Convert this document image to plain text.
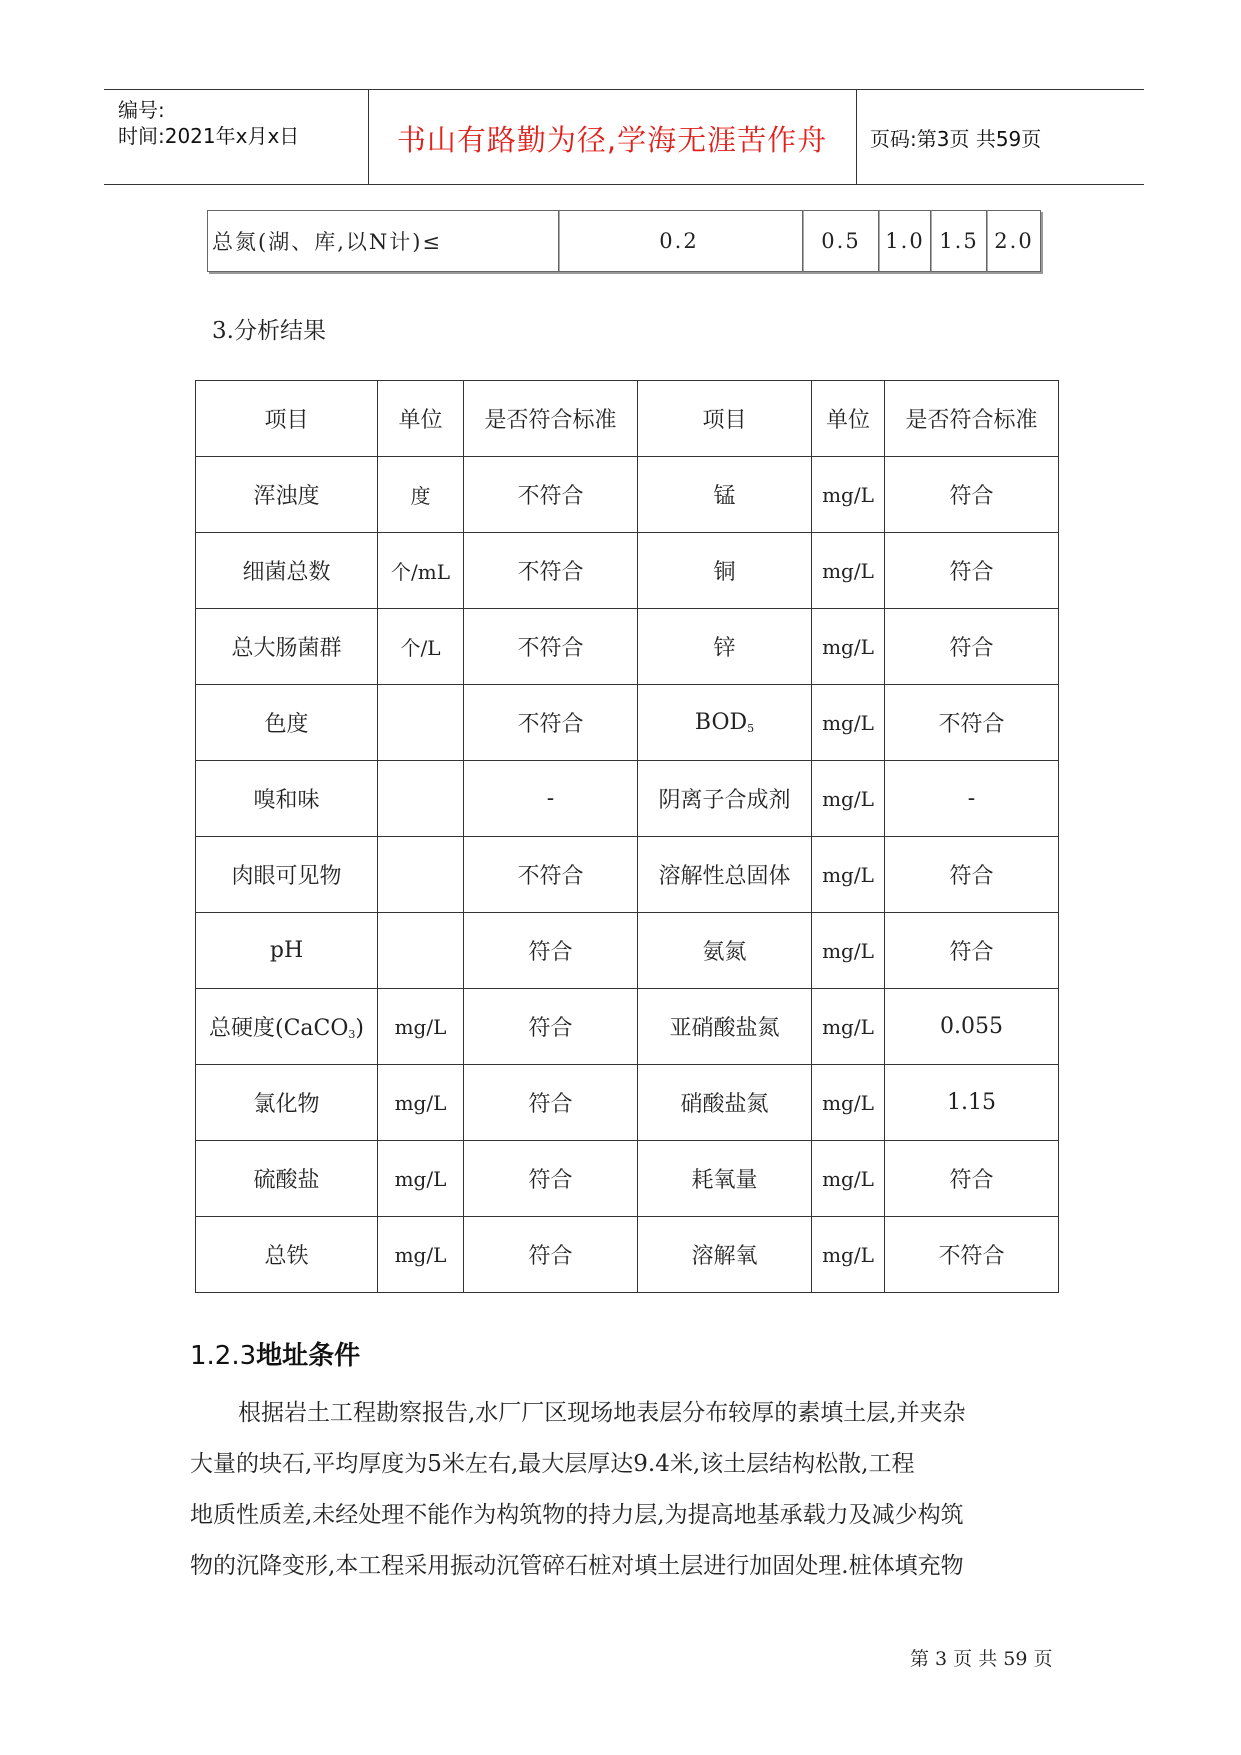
编号:
时间:2021年x月x日	书山有路勤为径,学海无涯苦作舟	页码:第3页 共59页
总氮(湖、库,以N计)≤	0.2	0.5	1.0 1.5 2.0
3.分析结果
项目	单位	是否符合标准	项目	单位	是否符合标准
浑浊度	度	不符合	锰	mg/L	符合
细菌总数	个/mL	不符合	铜	mg/L	符合
总大肠菌群	个/L	不符合	锌	mg/L	符合
色度		不符合	$BOD_5$	mg/L	不符合
嗅和味		-	阴离子合成剂	mg/L	-
肉眼可见物		不符合	溶解性总固体	mg/L	符合
pH		符合	氨氮	mg/L	符合
总硬度(CaCO$_3$)	mg/L	符合	亚硝酸盐氮	mg/L	0.055
氯化物	mg/L	符合	硝酸盐氮	mg/L	1.15
硫酸盐	mg/L	符合	耗氧量	mg/L	符合
总铁	mg/L	符合	溶解氧	mg/L	不符合
1.2.3地址条件
根据岩土工程勘察报告,水厂厂区现场地表层分布较厚的素填土层,并夹杂
大量的块石,平均厚度为5米左右,最大层厚达9.4米,该土层结构松散,工程
地质性质差,未经处理不能作为构筑物的持力层,为提高地基承载力及减少构筑
物的沉降变形,本工程采用振动沉管碎石桩对填土层进行加固处理.桩体填充物
第 3 页 共 59 页
